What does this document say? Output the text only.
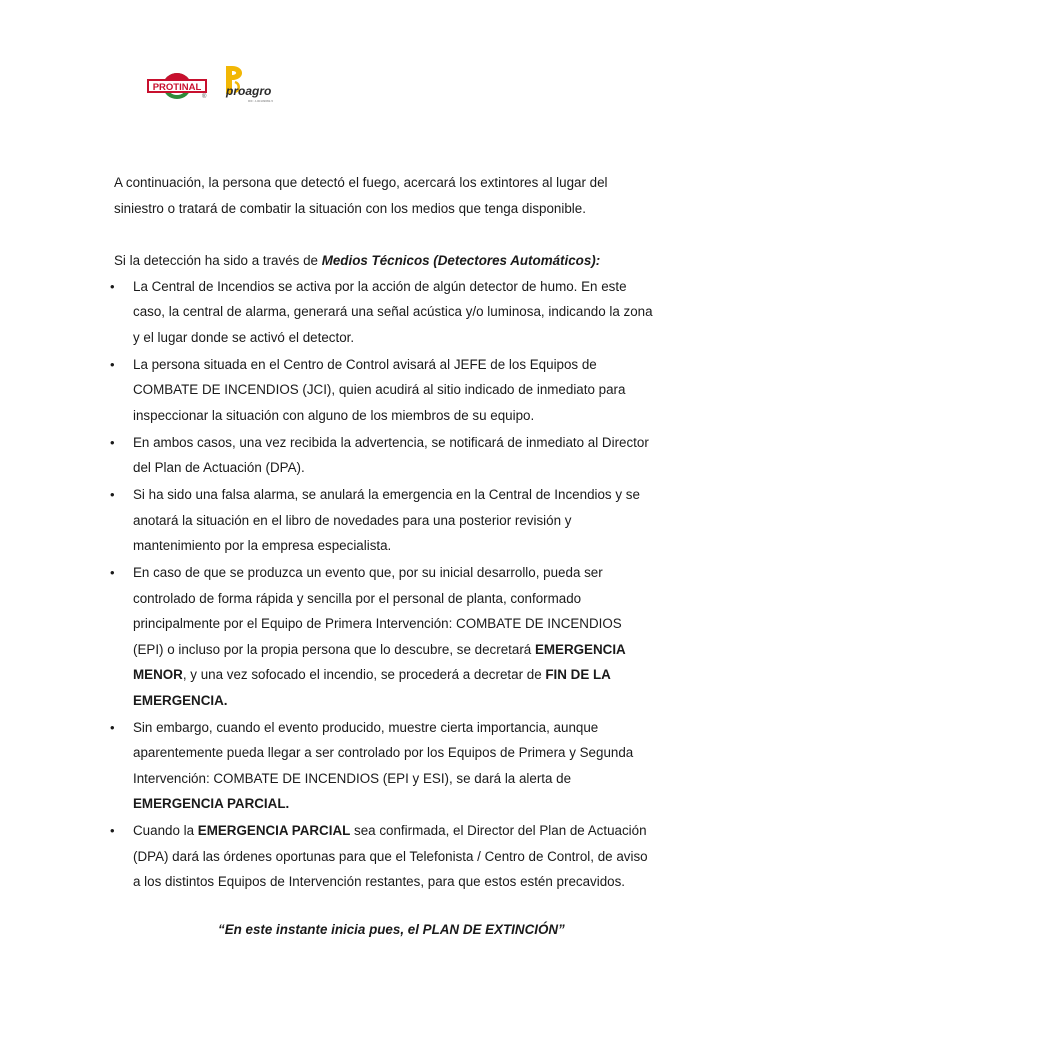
PROTINAL
® proagro
RIF: J-00109682-5

A continuación, la persona que detectó el fuego, acercará los extintores al lugar del
siniestro o tratará de combatir la situación con los medios que tenga disponible.

Si la detección ha sido a través de Medios Técnicos (Detectores Automáticos):

• La Central de Incendios se activa por la acción de algún detector de humo. En este
caso, la central de alarma, generará una señal acústica y/o luminosa, indicando la zona
y el lugar donde se activó el detector.
• La persona situada en el Centro de Control avisará al JEFE de los Equipos de
COMBATE DE INCENDIOS (JCI), quien acudirá al sitio indicado de inmediato para
inspeccionar la situación con alguno de los miembros de su equipo.
• En ambos casos, una vez recibida la advertencia, se notificará de inmediato al Director
del Plan de Actuación (DPA).
• Si ha sido una falsa alarma, se anulará la emergencia en la Central de Incendios y se
anotará la situación en el libro de novedades para una posterior revisión y
mantenimiento por la empresa especialista.
• En caso de que se produzca un evento que, por su inicial desarrollo, pueda ser
controlado de forma rápida y sencilla por el personal de planta, conformado
principalmente por el Equipo de Primera Intervención: COMBATE DE INCENDIOS
(EPI) o incluso por la propia persona que lo descubre, se decretará EMERGENCIA
MENOR, y una vez sofocado el incendio, se procederá a decretar de FIN DE LA
EMERGENCIA.
• Sin embargo, cuando el evento producido, muestre cierta importancia, aunque
aparentemente pueda llegar a ser controlado por los Equipos de Primera y Segunda
Intervención: COMBATE DE INCENDIOS (EPI y ESI), se dará la alerta de
EMERGENCIA PARCIAL.
• Cuando la EMERGENCIA PARCIAL sea confirmada, el Director del Plan de Actuación
(DPA) dará las órdenes oportunas para que el Telefonista / Centro de Control, de aviso
a los distintos Equipos de Intervención restantes, para que estos estén precavidos.
“En este instante inicia pues, el PLAN DE EXTINCIÓN”
